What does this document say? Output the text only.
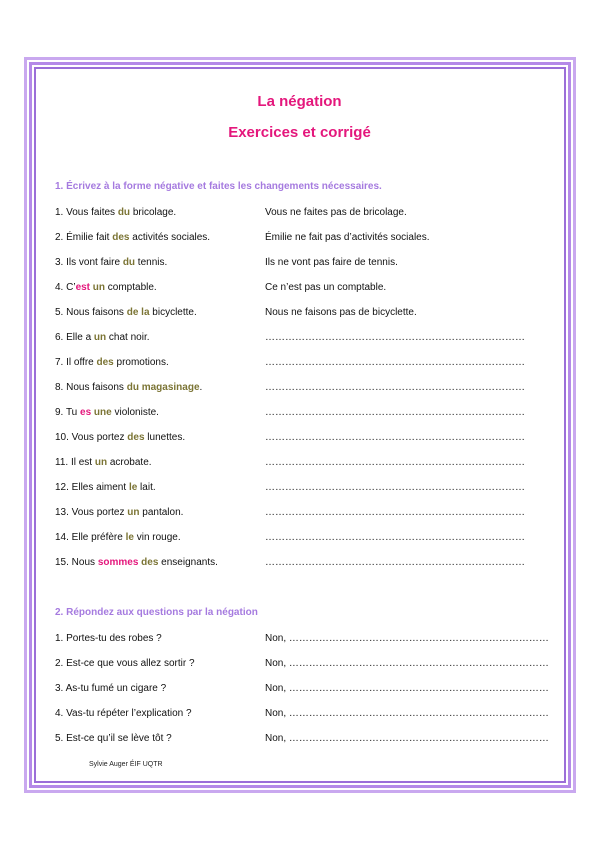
La négation
Exercices et corrigé

1. Écrivez à la forme négative et faites les changements nécessaires.

1. Vous faites du bricolage.	Vous ne faites pas de bricolage.
2. Émilie fait des activités sociales.	Émilie ne fait pas d’activités sociales.
3. Ils vont faire du tennis.	Ils ne vont pas faire de tennis.
4. C’est un comptable.	Ce n’est pas un comptable.
5. Nous faisons de la bicyclette.	Nous ne faisons pas de bicyclette.
6. Elle a un chat noir.	……………………………………………………………………
7. Il offre des promotions.	……………………………………………………………………
8. Nous faisons du magasinage.	……………………………………………………………………
9. Tu es une violoniste.	……………………………………………………………………
10. Vous portez des lunettes.	……………………………………………………………………
11. Il est un acrobate.	……………………………………………………………………
12. Elles aiment le lait.	……………………………………………………………………
13. Vous portez un pantalon.	……………………………………………………………………
14. Elle préfère le vin rouge.	……………………………………………………………………
15. Nous sommes des enseignants.	……………………………………………………………………

2. Répondez aux questions par la négation

1. Portes-tu des robes ?	Non, ……………………………………………………………………
2. Est-ce que vous allez sortir ?	Non, ……………………………………………………………………
3. As-tu fumé un cigare ?	Non, ……………………………………………………………………
4. Vas-tu répéter l’explication ?	Non, ……………………………………………………………………
5. Est-ce qu’il se lève tôt ?	Non, ……………………………………………………………………

Sylvie Auger ÉIF UQTR
